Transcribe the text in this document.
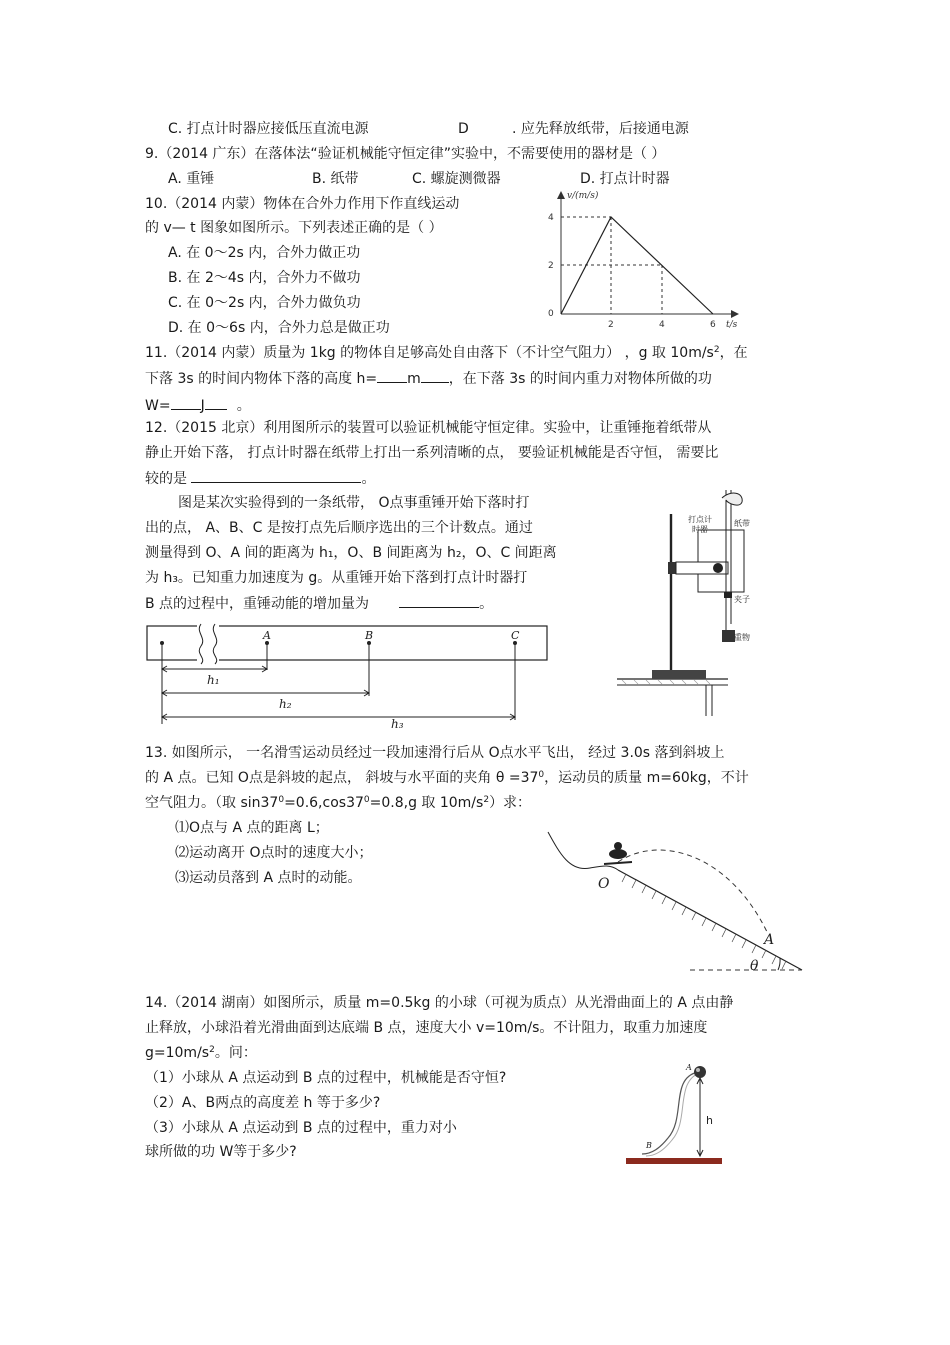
C. 打点计时器应接低压直流电源	D	. 应先释放纸带，后接通电源
9.（2014 广东）在落体法“验证机械能守恒定律”实验中，不需要使用的器材是（ ）
A. 重锤	B. 纸带	C. 螺旋测微器	D. 打点计时器
10.（2014 内蒙）物体在合外力作用下作直线运动
的 v— t 图象如图所示。下列表述正确的是（ ）
A. 在 0～2s 内，合外力做正功
B. 在 2～4s 内，合外力不做功
C. 在 0～2s 内，合外力做负功
D. 在 0～6s 内，合外力总是做正功
v/(m/s)
t/s
4
2
0
2	4	6
11.（2014 内蒙）质量为 1kg 的物体自足够高处自由落下（不计空气阻力） ，g 取 $10m/s^2$，在
下落 3s 的时间内物体下落的高度 h= m ，在下落 3s 的时间内重力对物体所做的功
W= J 。
12.（2015 北京）利用图所示的装置可以验证机械能守恒定律。实验中，让重锤拖着纸带从
静止开始下落， 打点计时器在纸带上打出一系列清晰的点， 要验证机械能是否守恒， 需要比
较的是	。
图是某次实验得到的一条纸带， O点事重锤开始下落时打
出的点， A、B、C 是按打点先后顺序选出的三个计数点。通过
测量得到 O、A 间的距离为 h₁，O、B 间距离为 h₂，O、C 间距离
为 h₃。已知重力加速度为 g。从重锤开始下落到打点计时器打
B 点的过程中，重锤动能的增加量为	。
A	B	C
h₁
h₂
h₃
打点计
时器
纸带
夹子
重物
13. 如图所示， 一名滑雪运动员经过一段加速滑行后从 O点水平飞出， 经过 3.0s 落到斜坡上
的 A 点。已知 O点是斜坡的起点， 斜坡与水平面的夹角 $\theta =37^0$，运动员的质量 m=60kg，不计
空气阻力。（取 $\sin 37^0=0.6,\cos 37^0=0.8,g$ 取 $10m/s^2$）求：
⑴O点与 A 点的距离 L；
⑵运动离开 O点时的速度大小；
⑶运动员落到 A 点时的动能。	O
A
θ
14.（2014 湖南）如图所示，质量 m=0.5kg 的小球（可视为质点）从光滑曲面上的 A 点由静
止释放，小球沿着光滑曲面到达底端 B 点，速度大小 v=10m/s。不计阻力，取重力加速度
$g=10m/s^2$。问：
（1）小球从 A 点运动到 B 点的过程中，机械能是否守恒?
（2）A、B两点的高度差 h 等于多少?
（3）小球从 A 点运动到 B 点的过程中，重力对小
球所做的功 W等于多少?
A
B
h
